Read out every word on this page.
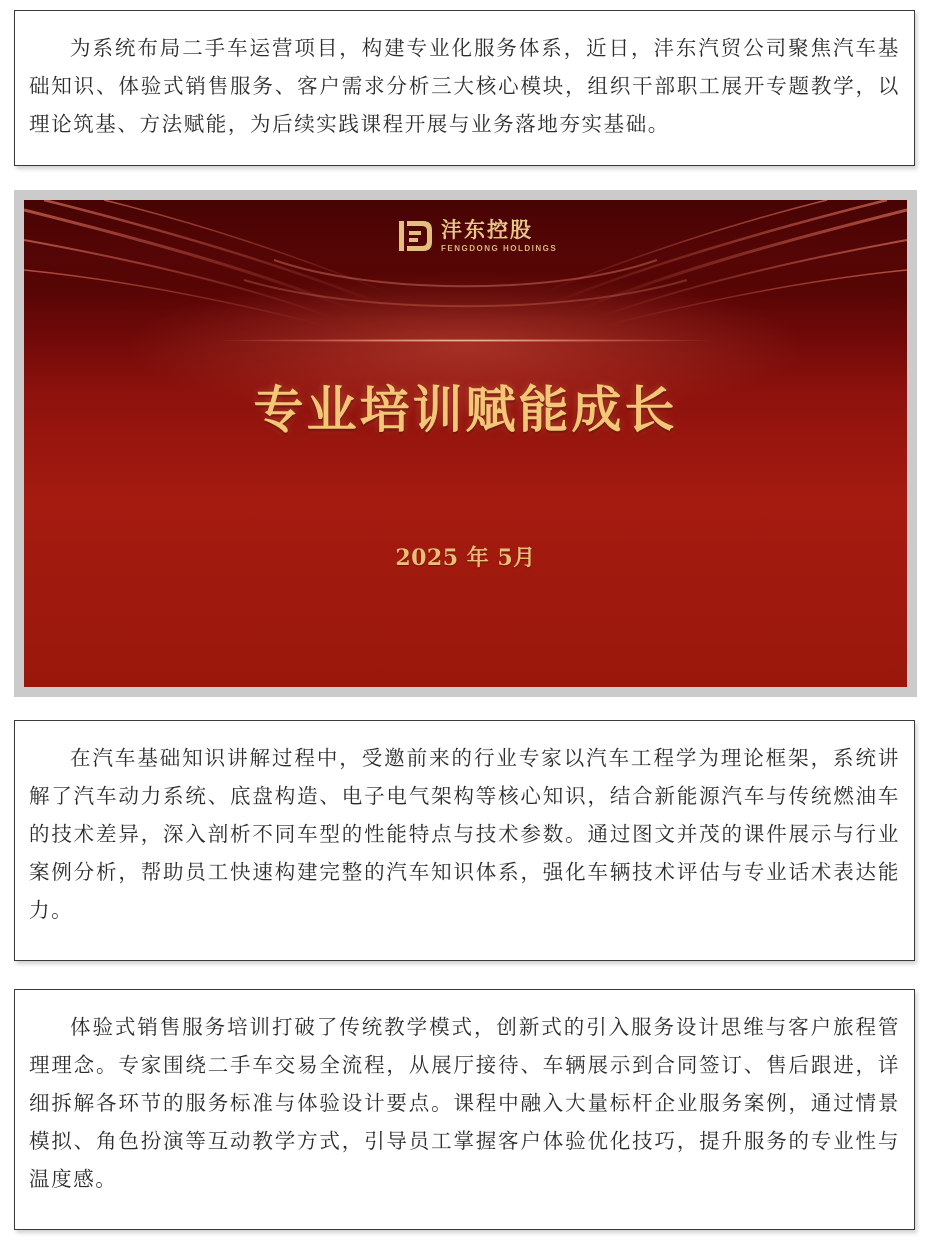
为系统布局二手车运营项目，构建专业化服务体系，近日，沣东汽贸公司聚焦汽车基础知识、体验式销售服务、客户需求分析三大核心模块，组织干部职工展开专题教学，以理论筑基、方法赋能，为后续实践课程开展与业务落地夯实基础。

沣东控股
FENGDONG HOLDINGS
专业培训赋能成长
2025 年 5月

在汽车基础知识讲解过程中，受邀前来的行业专家以汽车工程学为理论框架，系统讲解了汽车动力系统、底盘构造、电子电气架构等核心知识，结合新能源汽车与传统燃油车的技术差异，深入剖析不同车型的性能特点与技术参数。通过图文并茂的课件展示与行业案例分析，帮助员工快速构建完整的汽车知识体系，强化车辆技术评估与专业话术表达能力。

体验式销售服务培训打破了传统教学模式，创新式的引入服务设计思维与客户旅程管理理念。专家围绕二手车交易全流程，从展厅接待、车辆展示到合同签订、售后跟进，详细拆解各环节的服务标准与体验设计要点。课程中融入大量标杆企业服务案例，通过情景模拟、角色扮演等互动教学方式，引导员工掌握客户体验优化技巧，提升服务的专业性与温度感。
